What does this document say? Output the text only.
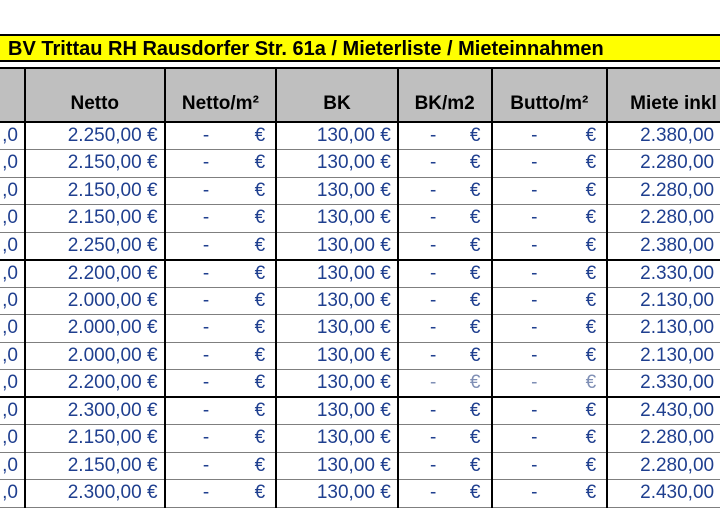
BV Trittau RH Rausdorfer Str. 61a / Mieterliste / Mieteinnahmen
	Netto	Netto/m²	BK	BK/m2	Butto/m²	Miete inkl
,0	2.250,00 €	- €	130,00 €	- €	- €	2.380,00
,0	2.150,00 €	- €	130,00 €	- €	- €	2.280,00
,0	2.150,00 €	- €	130,00 €	- €	- €	2.280,00
,0	2.150,00 €	- €	130,00 €	- €	- €	2.280,00
,0	2.250,00 €	- €	130,00 €	- €	- €	2.380,00
,0	2.200,00 €	- €	130,00 €	- €	- €	2.330,00
,0	2.000,00 €	- €	130,00 €	- €	- €	2.130,00
,0	2.000,00 €	- €	130,00 €	- €	- €	2.130,00
,0	2.000,00 €	- €	130,00 €	- €	- €	2.130,00
,0	2.200,00 €	- €	130,00 €	- €	- €	2.330,00
,0	2.300,00 €	- €	130,00 €	- €	- €	2.430,00
,0	2.150,00 €	- €	130,00 €	- €	- €	2.280,00
,0	2.150,00 €	- €	130,00 €	- €	- €	2.280,00
,0	2.300,00 €	- €	130,00 €	- €	- €	2.430,00
